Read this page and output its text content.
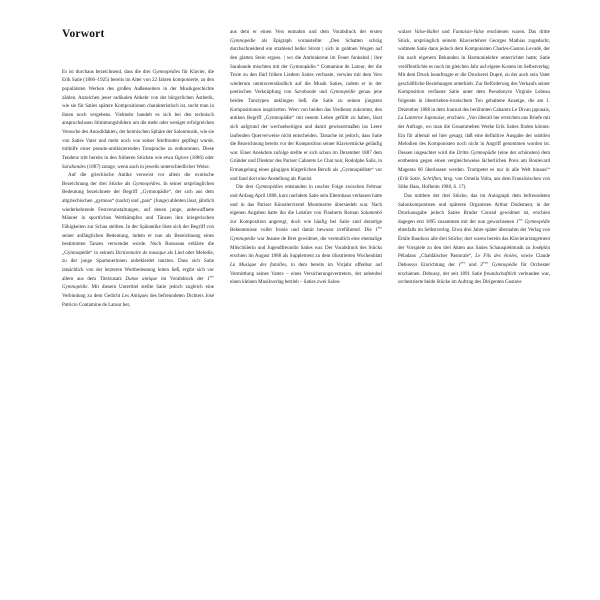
Vorwort

Es ist durchaus bezeichnend, dass die drei Gymnopédies für Klavier, die Erik Satie (1866–1925) bereits im Alter von 22 Jahren komponierte, zu den populärsten Werken des großen Außenseiters in der Musikgeschichte zählen. Anzeichen jener radikalen Abkehr von der bürgerlichen Ästhetik, wie sie für Saties spätere Kompositionen charakteristisch ist, sucht man in ihnen noch vergebens. Vielmehr handelt es sich bei den technisch anspruchslosen Stimmungsbildern um die mehr oder weniger erfolgreichen Versuche des Autodidakten, der heimischen Sphäre der Salonmusik, wie sie von Saties Vater und mehr noch von seiner Stiefmutter gepflegt wurde, mithilfe einer pseudo-antikisierenden Tonsprache zu entkommen. Diese Tendenz tritt bereits in den früheren Stücken wie etwa Ogives (1886) oder Sarabandes (1887) zutage, wenn auch in jeweils unterschiedlicher Weise.

Auf die griechische Antike verweist vor allem die exotische Bezeichnung der drei Stücke als Gymnopédies. In seiner ursprünglichen Bedeutung bezeichnete der Begriff „Gymnopädie“, der sich aus dem altgriechischen „gymnos“ (nackt) und „pais“ (Junge) ableiten lässt, jährlich wiederkehrende Festveranstaltungen, auf denen junge, unbewaffnete Männer in sportlichen Wettkämpfen und Tänzen ihre kriegerischen Fähigkeiten zur Schau stellten. In der Spätantike löste sich der Begriff von seiner anfänglichen Bedeutung, indem er nun als Bezeichnung eines bestimmten Tanzes verwendet wurde. Noch Rousseau erklärte die „Gymnopédie“ in seinem Dictionnaire de musique als Lied oder Melodie, zu der junge Spartanerinnen unbekleidet tanzten. Dass sich Satie tatsächlich von der letzteren Wortbedeutung leiten ließ, ergibt sich vor allem aus dem Titelzusatz Danse antique im Vorabdruck der 1ère Gymnopédie. Mit diesem Untertitel stellte Satie jedoch zugleich eine Verbindung zu dem Gedicht Les Antiques des befreundeten Dichters José Patricio Contamine de Latour her,

aus dem er einen Vers entnahm und dem Vorabdruck der ersten Gymnopédie als Epigraph voranstellte: „Den Schatten schräg durchschneidend ein strahlend heller Strom | sich in goldnen Wogen auf den glatten Stein ergoss. | wo die Ambrakerne im Feuer funkelnd | ihre Sarabande mischten mit der Gymnopädie.“ Contamine de Latour, der die Texte zu den fünf frühen Liedern Saties verfasste, verwies mit dem Vers wiederum unmissverständlich auf die Musik Saties, indem er in der poetischen Verknüpfung von Sarabande und Gymnopédie genau jene beiden Tanztypen anklingen ließ, die Satie zu seinen jüngsten Kompositionen inspirierten. Wem von beiden das Verdienst zukommt, den antiken Begriff „Gymnopädie“ mit neuem Leben gefüllt zu haben, lässt sich aufgrund der wechselseitigen und damit gewissermaßen ins Leere laufenden Querverweise nicht entscheiden. Tatsache ist jedoch, dass Satie die Bezeichnung bereits vor der Komposition seiner Klavierstücke geläufig war. Einer Anekdote zufolge stellte er sich schon im Dezember 1887 dem Gründer und Direktor des Pariser Cabarets Le Chat noir, Rodolphe Salis, in Ermangelung eines gängigen bürgerlichen Berufs als „Gymnopédiste“ vor und fand dort eine Anstellung als Pianist.

Die drei Gymnopédies entstanden in rascher Folge zwischen Februar und Anfang April 1888, kurz nachdem Satie sein Elternhaus verlassen hatte und in das Pariser Künstlerviertel Montmartre übersiedelt war. Nach eigenen Angaben hatte ihn die Lektüre von Flauberts Roman Salammbô zur Komposition angeregt, doch wie häufig bei Satie sind derartige Bekenntnisse voller Ironie und damit bewusst irreführend. Die 1ère Gymnopédie war Jeanne de Bret gewidmet, die vermutlich eine ehemalige Mitschülerin und Jugendfreundin Saties war. Der Vorabdruck des Stücks erschien im August 1888 als Supplement zu dem illustrierten Wochenblatt La Musique des familles, in dem bereits im Vorjahr offenbar auf Vermittlung seines Vaters – eines Versicherungsvertreters, der nebenbei einen kleinen Musikverlag betrieb – Saties zwei Salon-

walzer Valse-Ballet und Fantaisie-Valse erschienen waren. Das dritte Stück, ursprünglich seinem Klavierlehrer Georges Mathias zugedacht, widmete Satie dann jedoch dem Komponisten Charles-Gaston Levadé, der ihn nach eigenem Bekunden in Harmonielehre unterrichtet hatte; Satie veröffentlichte es noch im gleichen Jahr auf eigene Kosten im Selbstverlag. Mit dem Druck beauftragte er die Druckerei Dupré, zu der auch sein Vater geschäftliche Beziehungen unterhielt. Zur Beförderung des Verkaufs seiner Komposition verfasste Satie unter dem Pseudonym Virginie Lebeau folgende in übertrieben-ironischem Ton gehaltene Anzeige, die am 1. Dezember 1888 in dem Journal des berühmten Cabarets Le Divan japonais, La Lanterne Japonaise, erschien: „Von überall her erreichen uns Briefe mit der Anfrage, wo man die Gesammelten Werke Erik Saties finden könnte. Ein für allemal sei hier gesagt, daß eine definitive Ausgabe der subtilen Melodien des Komponisten noch nicht in Angriff genommen worden ist. Dessen ungeachtet wird die Dritte Gymnopädie (eine der schönsten) dem erstbesten gegen einen vergleichsweise lächerlichen Preis am Boulevard Magenta 66 überlassen werden. Trompetet es nur in alle Welt hinaus!“ (Erik Satie, Schriften, hrsg. von Ornella Volta, aus dem Französischen von Silke Hass, Hofheim 1988, S. 17).

Das mittlere der drei Stücke, das im Autograph dem befreundeten Salonkomponisten und späteren Organisten Arthur Dodement, in der Druckausgabe jedoch Saties Bruder Conrad gewidmet ist, erschien dagegen erst 1895 zusammen mit der nun gewachsenen 1ère Gymnopédie ebenfalls im Selbstverlag. Etwa drei Jahre später übernahm der Verlag von Émile Baudoux alle drei Stücke; dort waren bereits das Klavierarrangement der Vorspiele zu den drei Akten aus Saties Schauspielmusik zu Joséphin Péladans „Chaldäischer Pastorale“, Le Fils des étoiles, sowie Claude Debussys Einrichtung der 1ère und 3ème Gymnopédie für Orchester erschienen. Debussy, der seit 1891 Satie freundschaftlich verbunden war, orchestrierte beide Stücke im Auftrag des Dirigenten Gustave
